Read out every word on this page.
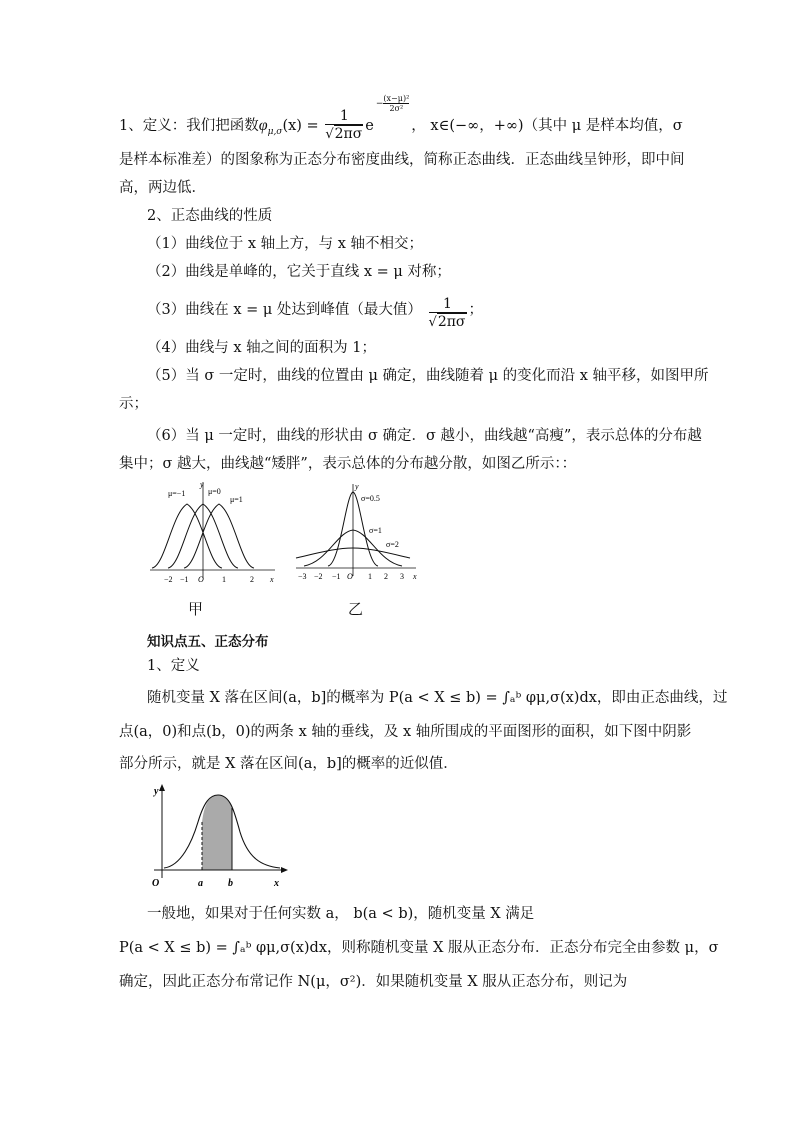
1、定义：我们把函数$\varphi_{\mu,\sigma}(x) = \frac{1}{√2\pi\sigma} e- \frac{\text{(x−μ)²}}{\text{2σ²}}$
， x∈(−∞，+∞)（其中 μ 是样本均值，σ
是样本标准差）的图象称为正态分布密度曲线，简称正态曲线．正态曲线呈钟形，即中间
高，两边低．
2、正态曲线的性质
（1）曲线位于 x 轴上方，与 x 轴不相交；
（2）曲线是单峰的，它关于直线 x = μ 对称；
（3）曲线在 x = μ 处达到峰值（最大值） $\frac{1}{√2\pi\sigma}$ ；
（4）曲线与 x 轴之间的面积为 1；
（5）当 σ 一定时，曲线的位置由 μ 确定，曲线随着 μ 的变化而沿 x 轴平移，如图甲所
示；
（6）当 μ 一定时，曲线的形状由 σ 确定．σ 越小，曲线越“高瘦”，表示总体的分布越
集中；σ 越大，曲线越“矮胖”，表示总体的分布越分散，如图乙所示：：
μ=−1	μ=0
μ=1
y
x
−2 −1 O 1	2
甲
y
σ=0.5
σ=1
σ=2
x
−3 −2 −1 O 1 2 3
乙
知识点五、正态分布
1、定义
随机变量 X 落在区间(a，b]的概率为 P(a < X ≤ b) = ∫ₐᵇ φμ,σ(x)dx，即由正态曲线，过
点(a，0)和点(b，0)的两条 x 轴的垂线，及 x 轴所围成的平面图形的面积，如下图中阴影
部分所示，就是 X 落在区间(a，b]的概率的近似值．
y
x
O	a	b
一般地，如果对于任何实数 a， b(a < b)，随机变量 X 满足
P(a < X ≤ b) = ∫ₐᵇ φμ,σ(x)dx，则称随机变量 X 服从正态分布．正态分布完全由参数 μ，σ
确定，因此正态分布常记作 N(μ，σ²)．如果随机变量 X 服从正态分布，则记为
